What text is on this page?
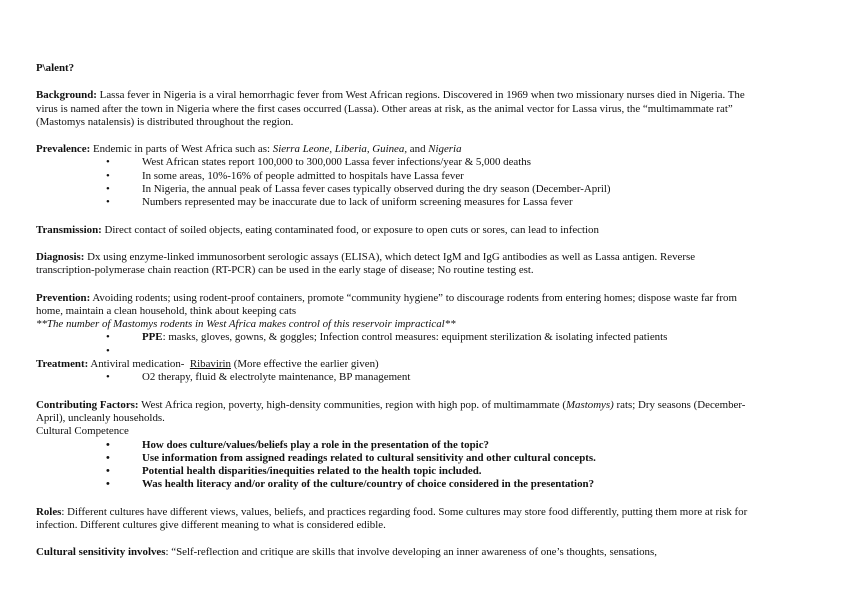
P\alent?

Background: Lassa fever in Nigeria is a viral hemorrhagic fever from West African regions. Discovered in 1969 when two missionary nurses died in Nigeria. The virus is named after the town in Nigeria where the first cases occurred (Lassa). Other areas at risk, as the animal vector for Lassa virus, the “multimammate rat” (Mastomys natalensis) is distributed throughout the region.

Prevalence: Endemic in parts of West Africa such as: Sierra Leone, Liberia, Guinea, and Nigeria
•	West African states report 100,000 to 300,000 Lassa fever infections/year & 5,000 deaths
•	In some areas, 10%-16% of people admitted to hospitals have Lassa fever
•	In Nigeria, the annual peak of Lassa fever cases typically observed during the dry season (December-April)
•	Numbers represented may be inaccurate due to lack of uniform screening measures for Lassa fever

Transmission: Direct contact of soiled objects, eating contaminated food, or exposure to open cuts or sores, can lead to infection

Diagnosis: Dx using enzyme-linked immunosorbent serologic assays (ELISA), which detect IgM and IgG antibodies as well as Lassa antigen. Reverse transcription-polymerase chain reaction (RT-PCR) can be used in the early stage of disease; No routine testing est.

Prevention: Avoiding rodents; using rodent-proof containers, promote “community hygiene” to discourage rodents from entering homes; dispose waste far from home, maintain a clean household, think about keeping cats
**The number of Mastomys rodents in West Africa makes control of this reservoir impractical**
•	PPE: masks, gloves, gowns, & goggles; Infection control measures: equipment sterilization & isolating infected patients
•
Treatment: Antiviral medication-  Ribavirin (More effective the earlier given)
•	O2 therapy, fluid & electrolyte maintenance, BP management
Contributing Factors: West Africa region, poverty, high-density communities, region with high pop. of multimammate (Mastomys) rats; Dry seasons (December-April), uncleanly households.
Cultural Competence
•	How does culture/values/beliefs play a role in the presentation of the topic?
•	Use information from assigned readings related to cultural sensitivity and other cultural concepts.
•	Potential health disparities/inequities related to the health topic included.
•	Was health literacy and/or orality of the culture/country of choice considered in the presentation?

Roles: Different cultures have different views, values, beliefs, and practices regarding food. Some cultures may store food differently, putting them more at risk for infection. Different cultures give different meaning to what is considered edible.

Cultural sensitivity involves: “Self-reflection and critique are skills that involve developing an inner awareness of one’s thoughts, sensations,
